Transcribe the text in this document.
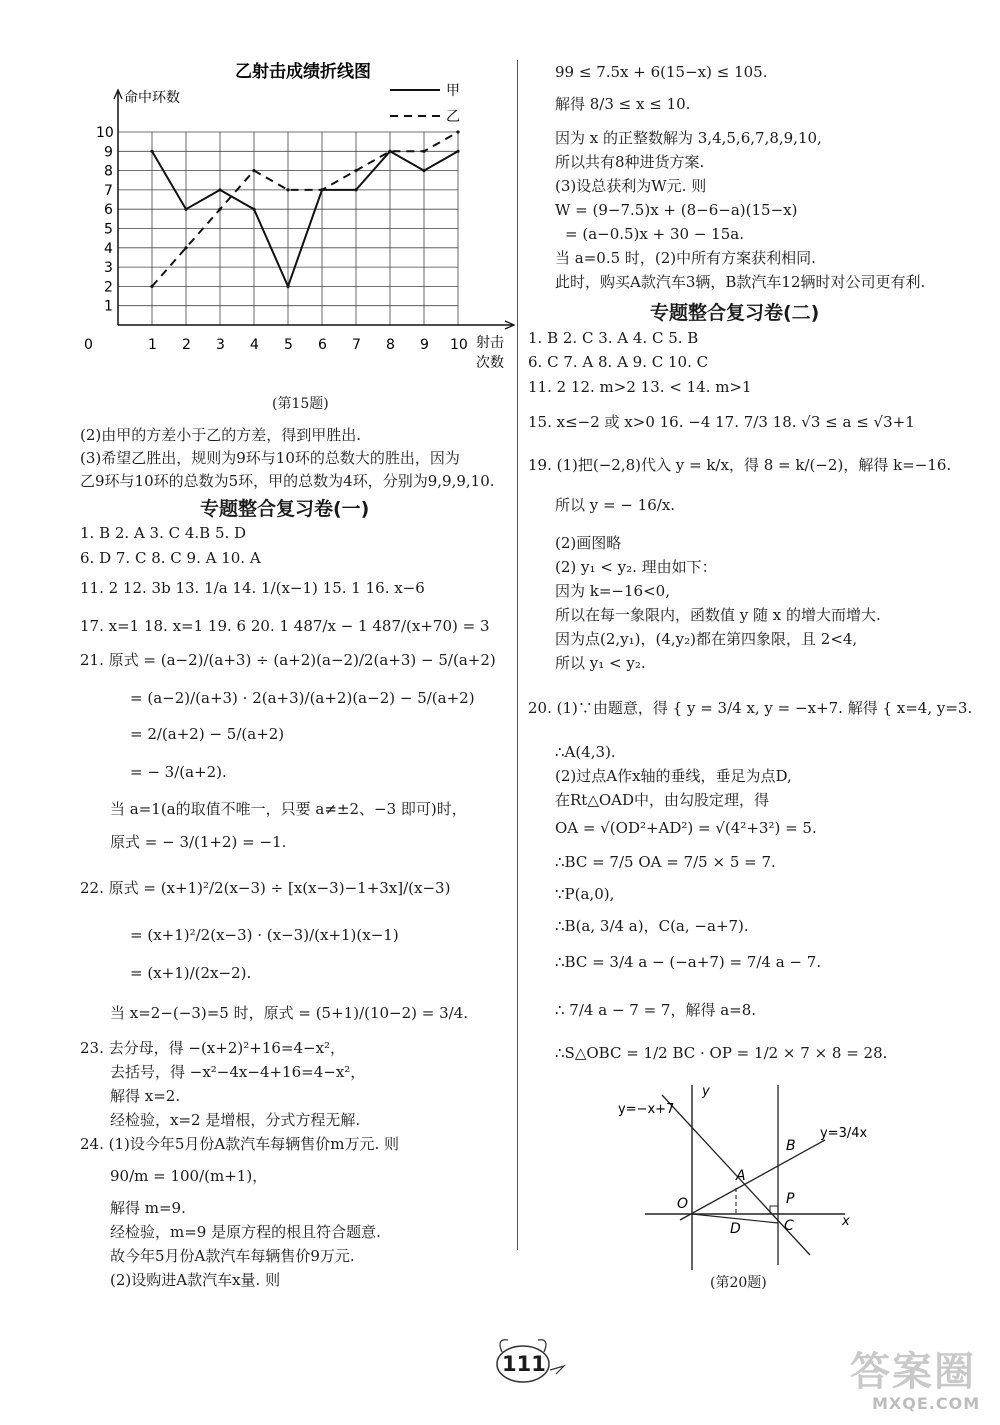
乙射击成绩折线图
命中环数
1
2
3
4
5
6
7
8
9
10
0	1 2 3 4 5 6 7 8 9 10 射击
次数
甲
乙
(第15题)
(2)由甲的方差小于乙的方差，得到甲胜出.
(3)希望乙胜出，规则为9环与10环的总数大的胜出，因为
乙9环与10环的总数为5环，甲的总数为4环，分别为9,9,9,10.
专题整合复习卷(一)
1. B 2. A 3. C 4.B 5. D
6. D 7. C 8. C 9. A 10. A
11. 2 12. 3b 13. 1/a 14. 1/(x−1) 15. 1 16. x−6
17. x=1 18. x=1 19. 6 20. 1 487/x − 1 487/(x+70) = 3
21. 原式 = (a−2)/(a+3) ÷ (a+2)(a−2)/2(a+3) − 5/(a+2)
= (a−2)/(a+3) · 2(a+3)/(a+2)(a−2) − 5/(a+2)
= 2/(a+2) − 5/(a+2)
= − 3/(a+2).
当 a=1(a的取值不唯一，只要 a≠±2、−3 即可)时，
原式 = − 3/(1+2) = −1.
22. 原式 = (x+1)²/2(x−3) ÷ [x(x−3)−1+3x]/(x−3)
= (x+1)²/2(x−3) · (x−3)/(x+1)(x−1)
= (x+1)/(2x−2).
当 x=2−(−3)=5 时，原式 = (5+1)/(10−2) = 3/4.
23. 去分母，得 −(x+2)²+16=4−x²，
去括号，得 −x²−4x−4+16=4−x²，
解得 x=2.
经检验，x=2 是增根，分式方程无解.
24. (1)设今年5月份A款汽车每辆售价m万元. 则
90/m = 100/(m+1)，
解得 m=9.
经检验，m=9 是原方程的根且符合题意.
故今年5月份A款汽车每辆售价9万元.
(2)设购进A款汽车x量. 则
99 ≤ 7.5x + 6(15−x) ≤ 105.
解得 8/3 ≤ x ≤ 10.
因为 x 的正整数解为 3,4,5,6,7,8,9,10,
所以共有8种进货方案.
(3)设总获利为W元. 则
W = (9−7.5)x + (8−6−a)(15−x)
= (a−0.5)x + 30 − 15a.
当 a=0.5 时，(2)中所有方案获利相同.
此时，购买A款汽车3辆，B款汽车12辆时对公司更有利.
专题整合复习卷(二)
1. B 2. C 3. A 4. C 5. B
6. C 7. A 8. A 9. C 10. C
11. 2 12. m>2 13. < 14. m>1
15. x≤−2 或 x>0 16. −4 17. 7/3 18. √3 ≤ a ≤ √3+1
19. (1)把(−2,8)代入 y = k/x，得 8 = k/(−2)，解得 k=−16.
所以 y = − 16/x.
(2)画图略
(2) y₁ < y₂. 理由如下：
因为 k=−16<0,
所以在每一象限内，函数值 y 随 x 的增大而增大.
因为点(2,y₁)，(4,y₂)都在第四象限，且 2<4,
所以 y₁ < y₂.
20. (1)∵由题意，得 { y = 3/4 x, y = −x+7. 解得 { x=4, y=3.
∴A(4,3).
(2)过点A作x轴的垂线，垂足为点D,
在Rt△OAD中，由勾股定理，得
OA = √(OD²+AD²) = √(4²+3²) = 5.
∴BC = 7/5 OA = 7/5 × 5 = 7.
∵P(a,0),
∴B(a, 3/4 a)，C(a, −a+7).
∴BC = 3/4 a − (−a+7) = 7/4 a − 7.
∴ 7/4 a − 7 = 7，解得 a=8.
∴S△OBC = 1/2 BC · OP = 1/2 × 7 × 8 = 28.
y=−x+7
y=3/4x
y
x
O
A
B
P
C
D
(第20题)
111	答案圈
MXQE.COM
